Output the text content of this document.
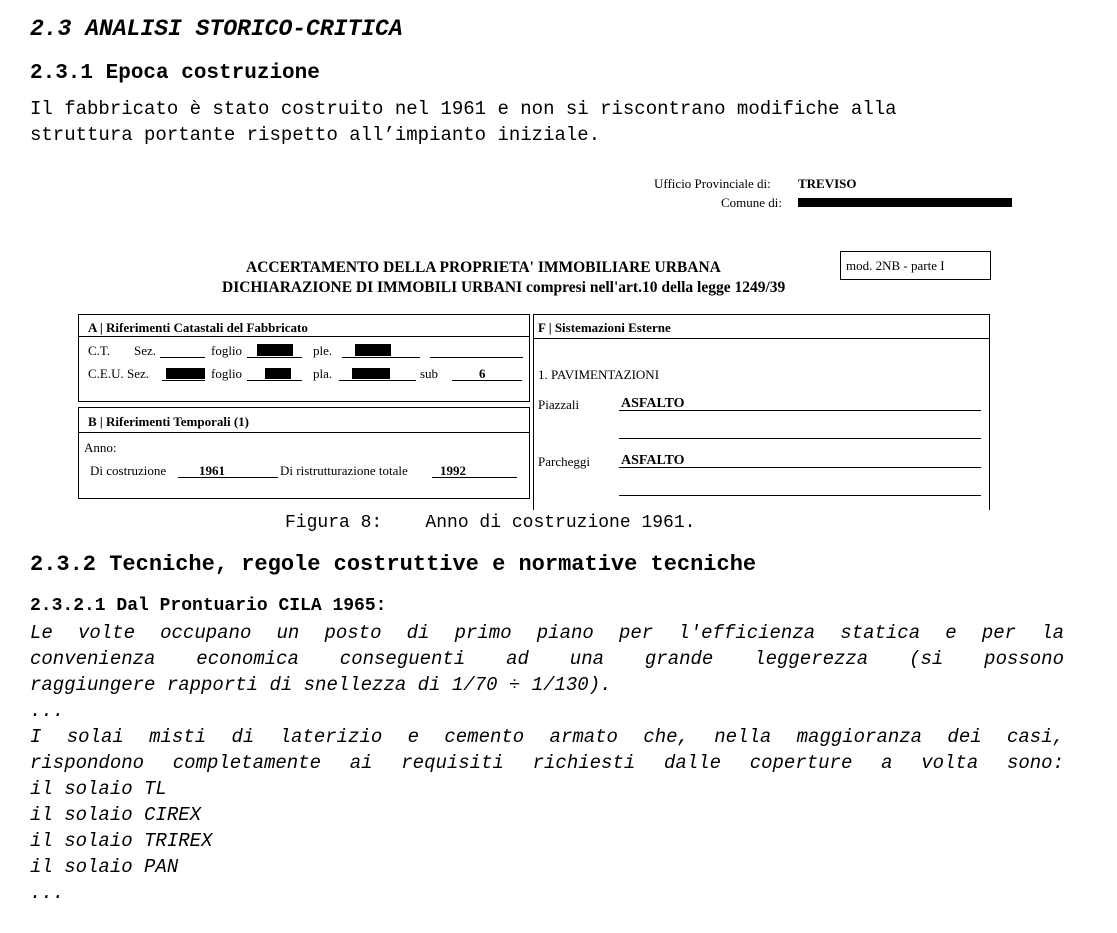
2.3 ANALISI STORICO-CRITICA
2.3.1 Epoca costruzione
Il fabbricato è stato costruito nel 1961 e non si riscontrano modifiche alla
struttura portante rispetto all’impianto iniziale.
Ufficio Provinciale di: TREVISO
Comune di:
mod. 2NB - parte I
ACCERTAMENTO DELLA PROPRIETA' IMMOBILIARE URBANA
DICHIARAZIONE DI IMMOBILI URBANI compresi nell'art.10 della legge 1249/39
A | Riferimenti Catastali del Fabbricato
C.T. Sez.	foglio	ple.
C.E.U. Sez.	foglio	pla.	sub	6
B | Riferimenti Temporali (1)
Anno:
Di costruzione	1961	Di ristrutturazione totale 1992
F | Sistemazioni Esterne
1. PAVIMENTAZIONI
Piazzali	ASFALTO
Parcheggi ASFALTO
Figura 8:    Anno di costruzione 1961.
2.3.2 Tecniche, regole costruttive e normative tecniche
2.3.2.1 Dal Prontuario CILA 1965:
Le volte occupano un posto di primo piano per l'efficienza statica e per la
convenienza economica conseguenti ad una grande leggerezza (si possono
raggiungere rapporti di snellezza di 1/70 ÷ 1/130).
...
I solai misti di laterizio e cemento armato che, nella maggioranza dei casi,
rispondono completamente ai requisiti richiesti dalle coperture a volta sono:
il solaio TL
il solaio CIREX
il solaio TRIREX
il solaio PAN
...
